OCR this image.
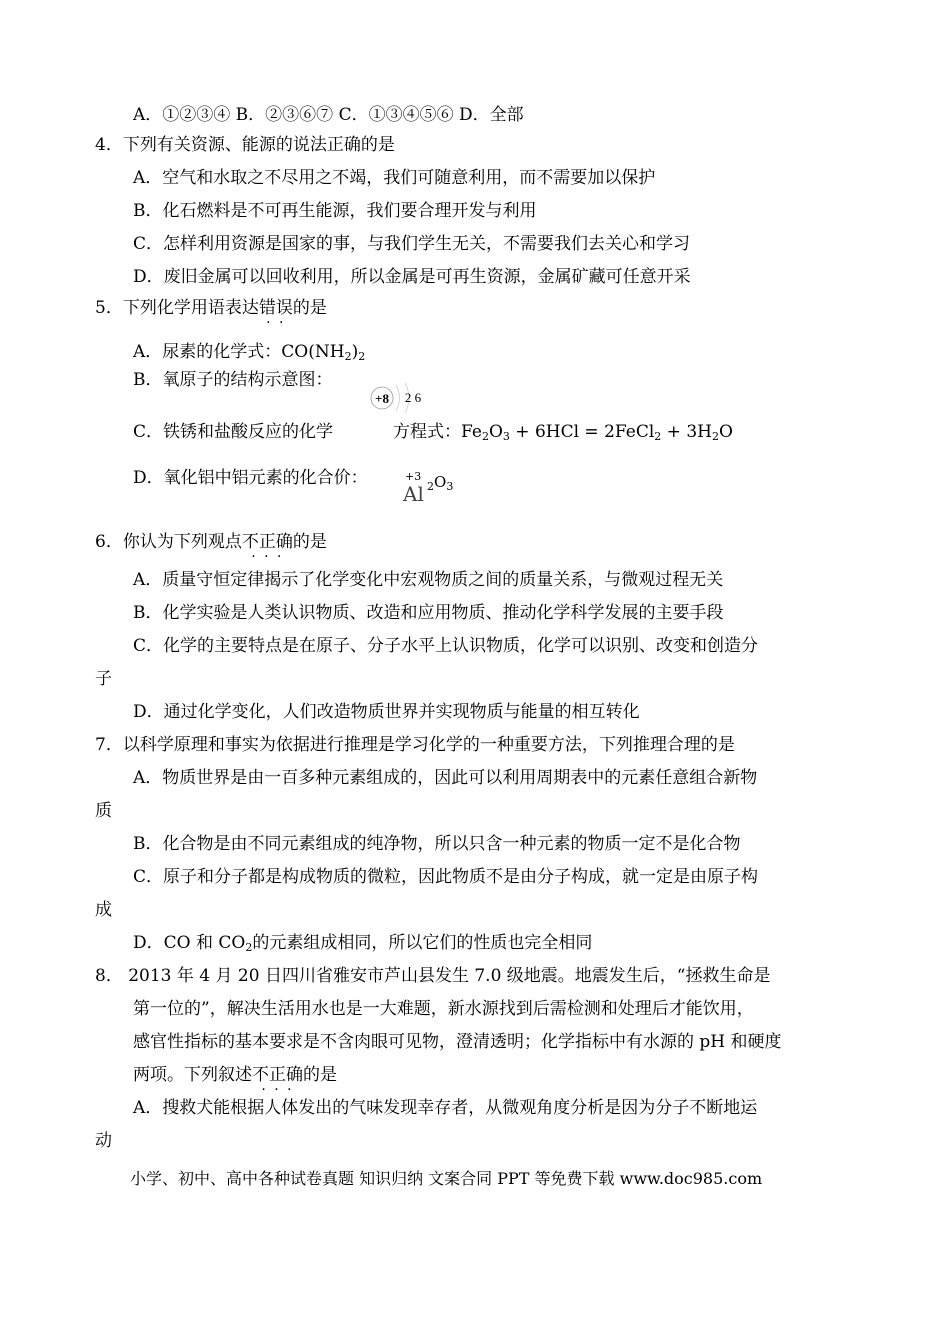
A．①②③④ B．②③⑥⑦ C．①③④⑤⑥ D．全部
4．下列有关资源、能源的说法正确的是
A．空气和水取之不尽用之不竭，我们可随意利用，而不需要加以保护
B．化石燃料是不可再生能源，我们要合理开发与利用
C．怎样利用资源是国家的事，与我们学生无关，不需要我们去关心和学习
D．废旧金属可以回收利用，所以金属是可再生资源，金属矿藏可任意开采
5．下列化学用语表达错误 · ·的是
A．尿素的化学式：$CO(NH_2)_2$
B．氧原子的结构示意图：
+8 2 6
C．铁锈和盐酸反应的化学	方程式：$Fe_2O_3 + 6HCl$ = 2FeCl$_2$ + $3H_2O$
D．氧化铝中铝元素的化合价：	+3
Al $_2O_3$
6．你认为下列观点不正确 · · ·的是
A．质量守恒定律揭示了化学变化中宏观物质之间的质量关系，与微观过程无关
B．化学实验是人类认识物质、改造和应用物质、推动化学科学发展的主要手段
C．化学的主要特点是在原子、分子水平上认识物质，化学可以识别、改变和创造分
子
D．通过化学变化，人们改造物质世界并实现物质与能量的相互转化
7．以科学原理和事实为依据进行推理是学习化学的一种重要方法，下列推理合理的是
A．物质世界是由一百多种元素组成的，因此可以利用周期表中的元素任意组合新物
质
B．化合物是由不同元素组成的纯净物，所以只含一种元素的物质一定不是化合物
C．原子和分子都是构成物质的微粒，因此物质不是由分子构成，就一定是由原子构
成
D．CO 和 $CO_2$的元素组成相同，所以它们的性质也完全相同
8． 2013 年 4 月 20 日四川省雅安市芦山县发生 7.0 级地震。地震发生后，“拯救生命是
第一位的”，解决生活用水也是一大难题，新水源找到后需检测和处理后才能饮用，
感官性指标的基本要求是不含肉眼可见物，澄清透明；化学指标中有水源的 pH 和硬度
两项。下列叙述不正确 · · ·的是
A．搜救犬能根据人体发出的气味发现幸存者，从微观角度分析是因为分子不断地运
动
小学、初中、高中各种试卷真题 知识归纳 文案合同 PPT 等免费下载 www.doc985.com
